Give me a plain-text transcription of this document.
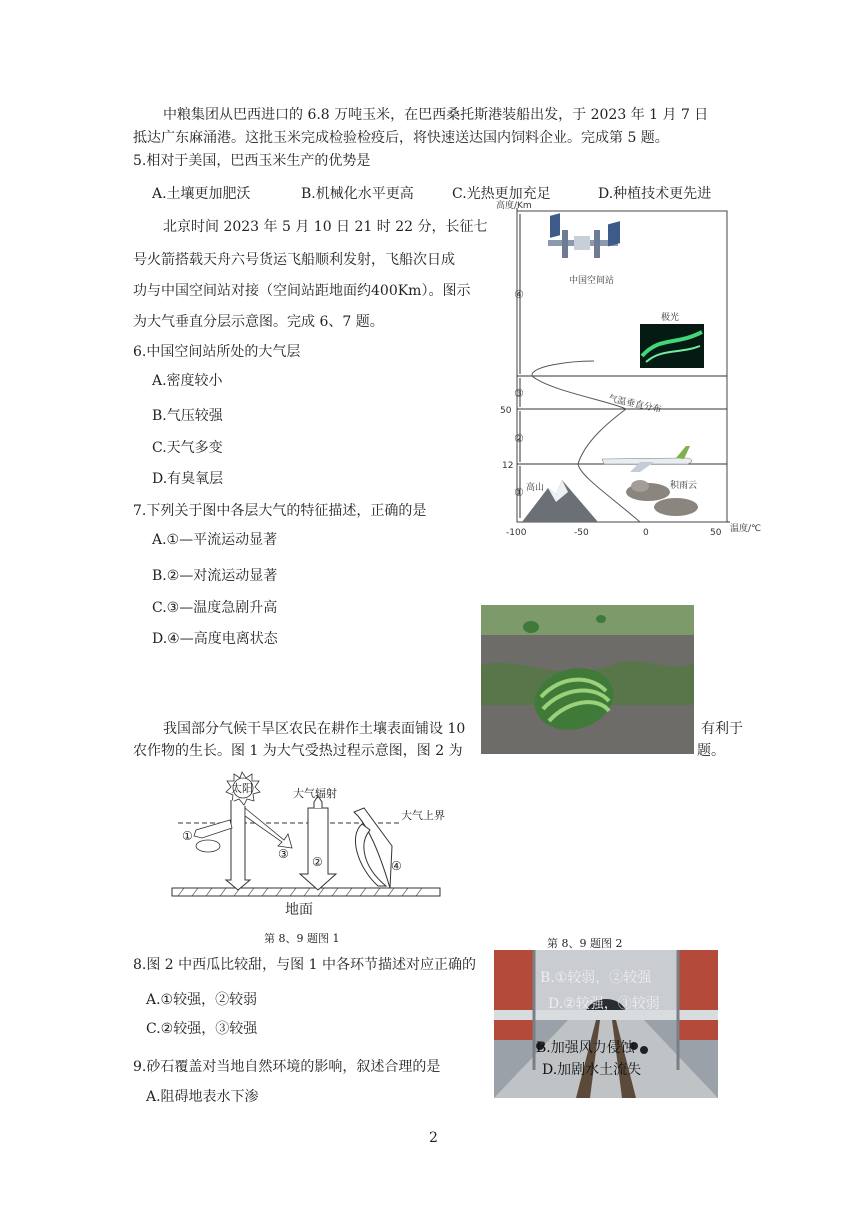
中粮集团从巴西进口的 6.8 万吨玉米，在巴西桑托斯港装船出发，于 2023 年 1 月 7 日
抵达广东麻涌港。这批玉米完成检验检疫后，将快速送达国内饲料企业。完成第 5 题。
5.相对于美国，巴西玉米生产的优势是
A.土壤更加肥沃	B.机械化水平更高	C.光热更加充足	D.种植技术更先进
北京时间 2023 年 5 月 10 日 21 时 22 分，长征七
号火箭搭载天舟六号货运飞船顺利发射，飞船次日成
功与中国空间站对接（空间站距地面约400Km）。图示
为大气垂直分层示意图。完成 6、7 题。
6.中国空间站所处的大气层
A.密度较小
B.气压较强
C.天气多变
D.有臭氧层
7.下列关于图中各层大气的特征描述，正确的是
A.①—平流运动显著
B.②—对流运动显著
C.③—温度急剧升高
D.④—高度电离状态
高度/Km
温度/℃
-100	-50	0	50
12
50
①
②
③
④
气温垂直分布
中国空间站
极光
高山	积雨云
我国部分气候干旱区农民在耕作土壤表面铺设 10	有利于
农作物的生长。图 1 为大气受热过程示意图，图 2 为	题。
太阳
大气上界
①
③
②
大气辐射
④
地面
第 8、9 题图 1	第 8、9 题图 2
8.图 2 中西瓜比较甜，与图 1 中各环节描述对应正确的
A.①较强，②较弱
C.②较强，③较强
9.砂石覆盖对当地自然环境的影响，叙述合理的是
A.阻碍地表水下渗
B.①较弱，②较强
D.②较强，③较弱
B.加强风力侵蚀
D.加剧水土流失
2
